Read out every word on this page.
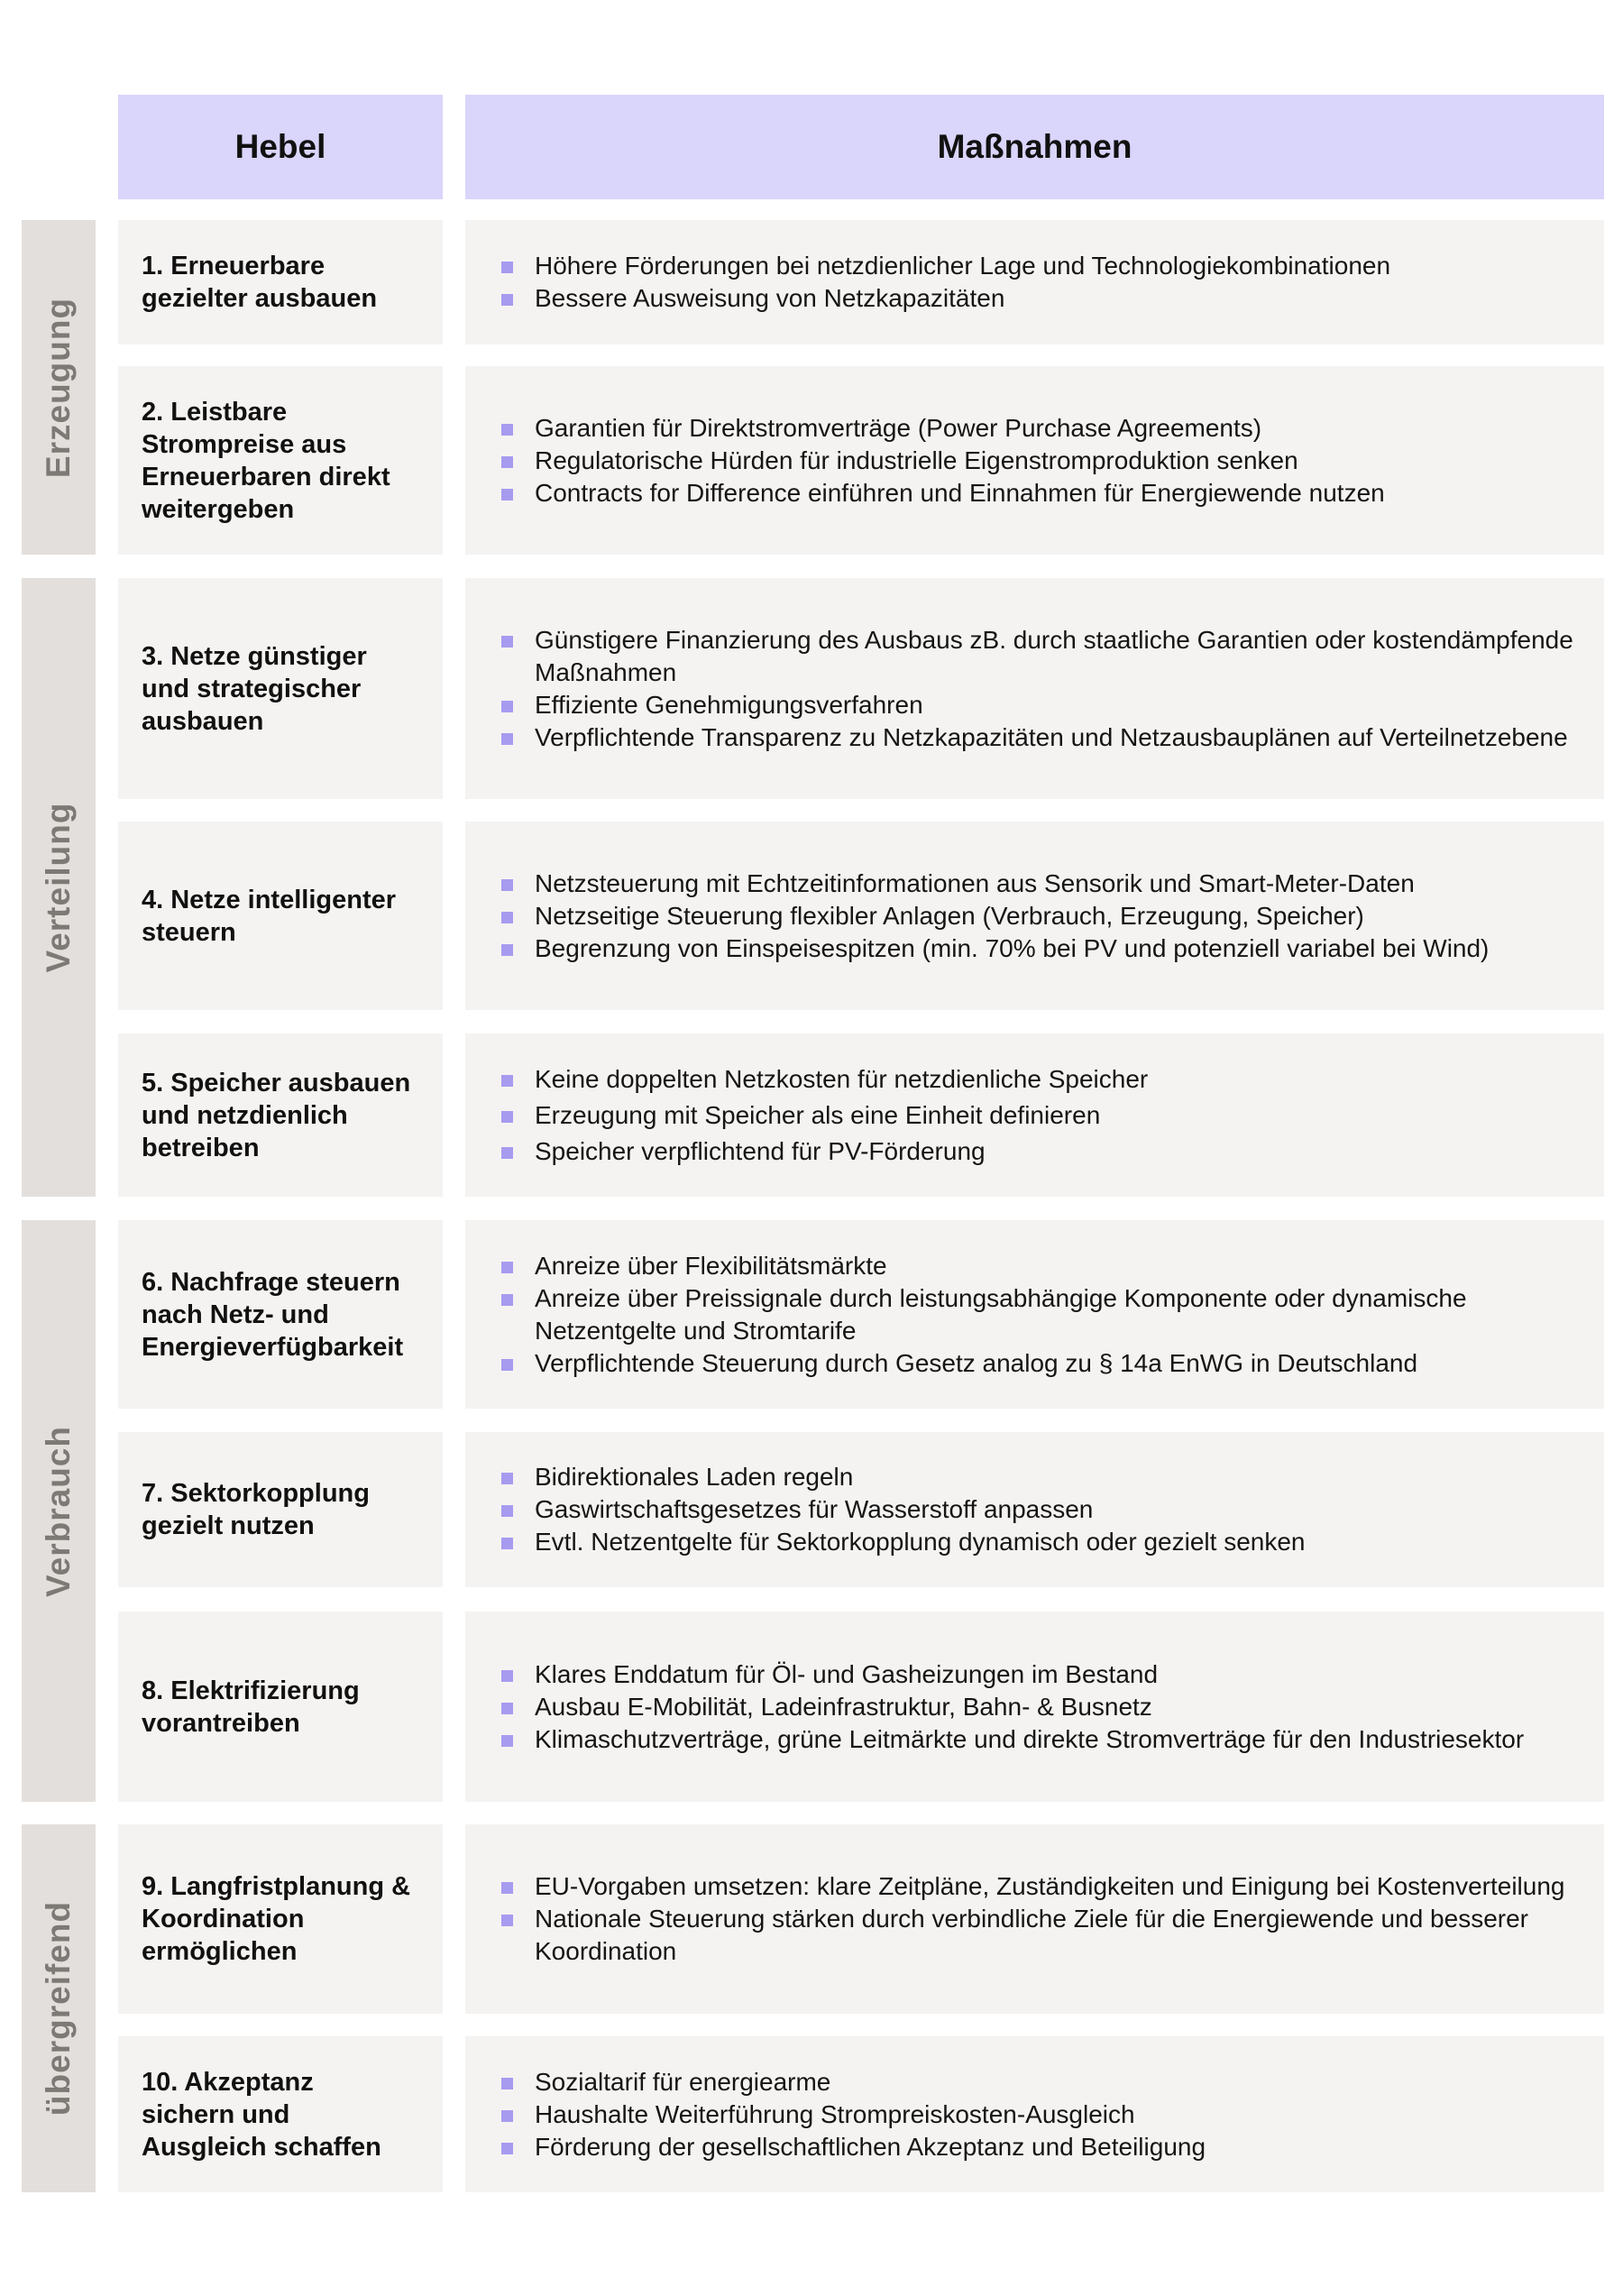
Hebel	Maßnahmen
Erzeugung
Verteilung
Verbrauch
übergreifend
1. Erneuerbare
gezielter ausbauen
Höhere Förderungen bei netzdienlicher Lage und Technologiekombinationen
Bessere Ausweisung von Netzkapazitäten
2. Leistbare
Strompreise aus
Erneuerbaren direkt
weitergeben
Garantien für Direktstromverträge (Power Purchase Agreements)
Regulatorische Hürden für industrielle Eigenstromproduktion senken
Contracts for Difference einführen und Einnahmen für Energiewende nutzen
3. Netze günstiger
und strategischer
ausbauen
Günstigere Finanzierung des Ausbaus zB. durch staatliche Garantien oder kostendämpfende Maßnahmen
Effiziente Genehmigungsverfahren
Verpflichtende Transparenz zu Netzkapazitäten und Netzausbauplänen auf Verteilnetzebene
4. Netze intelligenter
steuern
Netzsteuerung mit Echtzeitinformationen aus Sensorik und Smart-Meter-Daten
Netzseitige Steuerung flexibler Anlagen (Verbrauch, Erzeugung, Speicher)
Begrenzung von Einspeisespitzen (min. 70% bei PV und potenziell variabel bei Wind)
5. Speicher ausbauen
und netzdienlich
betreiben
Keine doppelten Netzkosten für netzdienliche Speicher
Erzeugung mit Speicher als eine Einheit definieren
Speicher verpflichtend für PV-Förderung
6. Nachfrage steuern
nach Netz- und
Energieverfügbarkeit
Anreize über Flexibilitätsmärkte
Anreize über Preissignale durch leistungsabhängige Komponente oder dynamische Netzentgelte und Stromtarife
Verpflichtende Steuerung durch Gesetz analog zu § 14a EnWG in Deutschland
7. Sektorkopplung
gezielt nutzen
Bidirektionales Laden regeln
Gaswirtschaftsgesetzes für Wasserstoff anpassen
Evtl. Netzentgelte für Sektorkopplung dynamisch oder gezielt senken
8. Elektrifizierung
vorantreiben
Klares Enddatum für Öl- und Gasheizungen im Bestand
Ausbau E-Mobilität, Ladeinfrastruktur, Bahn- & Busnetz
Klimaschutzverträge, grüne Leitmärkte und direkte Stromverträge für den Industriesektor
9. Langfristplanung &
Koordination
ermöglichen
EU-Vorgaben umsetzen: klare Zeitpläne, Zuständigkeiten und Einigung bei Kostenverteilung
Nationale Steuerung stärken durch verbindliche Ziele für die Energiewende und besserer Koordination
10. Akzeptanz
sichern und
Ausgleich schaffen
Sozialtarif für energiearme
Haushalte Weiterführung Strompreiskosten-Ausgleich
Förderung der gesellschaftlichen Akzeptanz und Beteiligung
